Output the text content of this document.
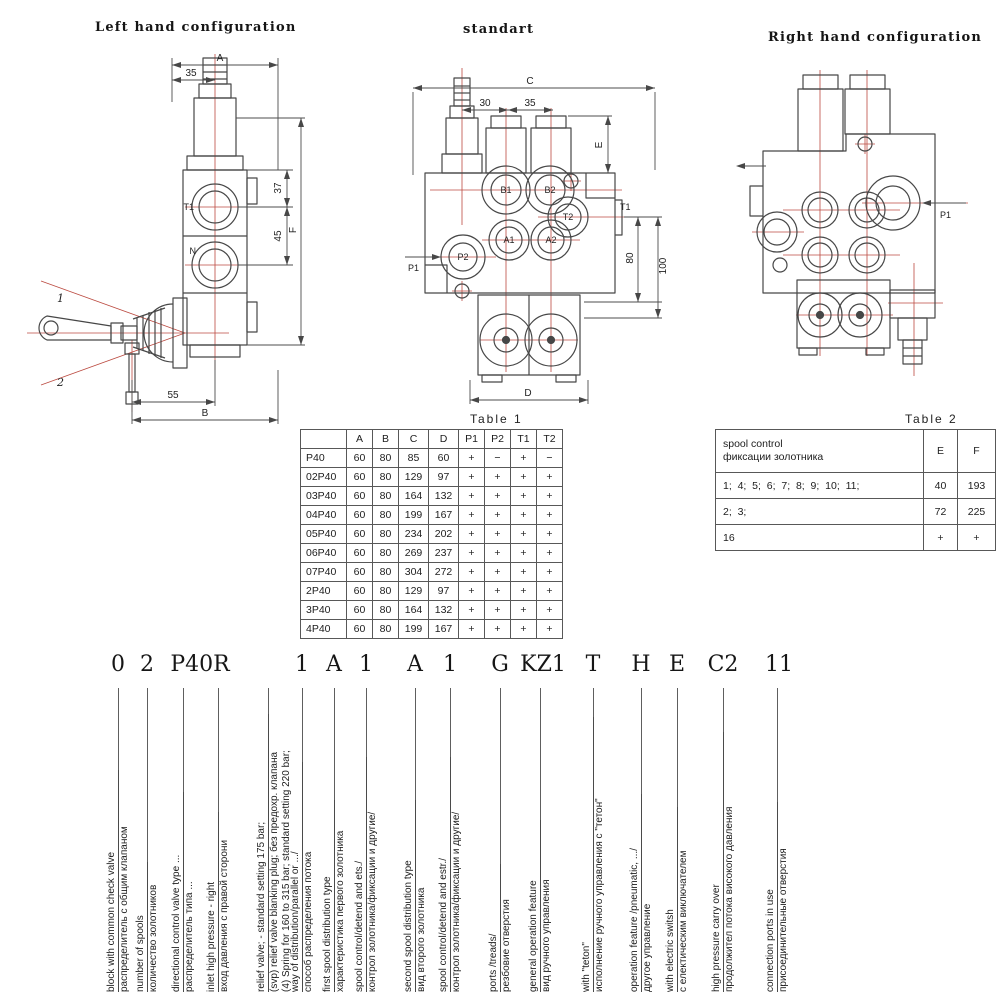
Left hand configuration	standart
Right hand configuration
A
35
37
45
F
55
B
T1
N
1
2
C
30	35
E
80 100
D
B1	B2
T2
A1	A2
P2
P1
T1
P1
Table 1
	A	B	C	D	P1	P2	T1	T2
P40	60	80	85	60	+	−	+	−
02P40	60	80	129	97	+	+	+	+
03P40	60	80	164	132	+	+	+	+
04P40	60	80	199	167	+	+	+	+
05P40	60	80	234	202	+	+	+	+
06P40	60	80	269	237	+	+	+	+
07P40	60	80	304	272	+	+	+	+
2P40	60	80	129	97	+	+	+	+
3P40	60	80	164	132	+	+	+	+
4P40	60	80	199	167	+	+	+	+
Table 2
spool control
фиксации золотника	E	F
1;  4;  5;  6;  7;  8;  9;  10;  11;	40	193
2;  3;	72	225
16	+	+
0 2 P40R	1 A 1 A 1 G KZ1 T H E C2 11
block with common check valve распределитель с общим клапаном number of spools количество золотников directional control valve type ... распределитель типа ... inlet high pressure - right вход давления с правой сторони	relief valve; - standard setting 175 bar; (svp) relief valve blanking plug; без предохр. клапана (4) Spring for 160 to 315 bar; standard setting 220 bar;
way of distribution/parallel or .../ способ распределения потока first spool distribution type характеристика первого золотника spool control/detend and ets./ контрол золотника/фиксации и другие/	second spool distribution type вид второго золотника spool control/detend and estr./ контрол золотника/фиксации и другие/	ports /treads/ резбовие отверстия general operation feature вид ручного управления	with "teton" исполнение ручного управления с "тетон" operation feature /pneumatic, .../ другое управление with electric switsh с електическим виключателем high pressure carry over продолжител потока високого давления	connection ports in use присоединительные отверстия
